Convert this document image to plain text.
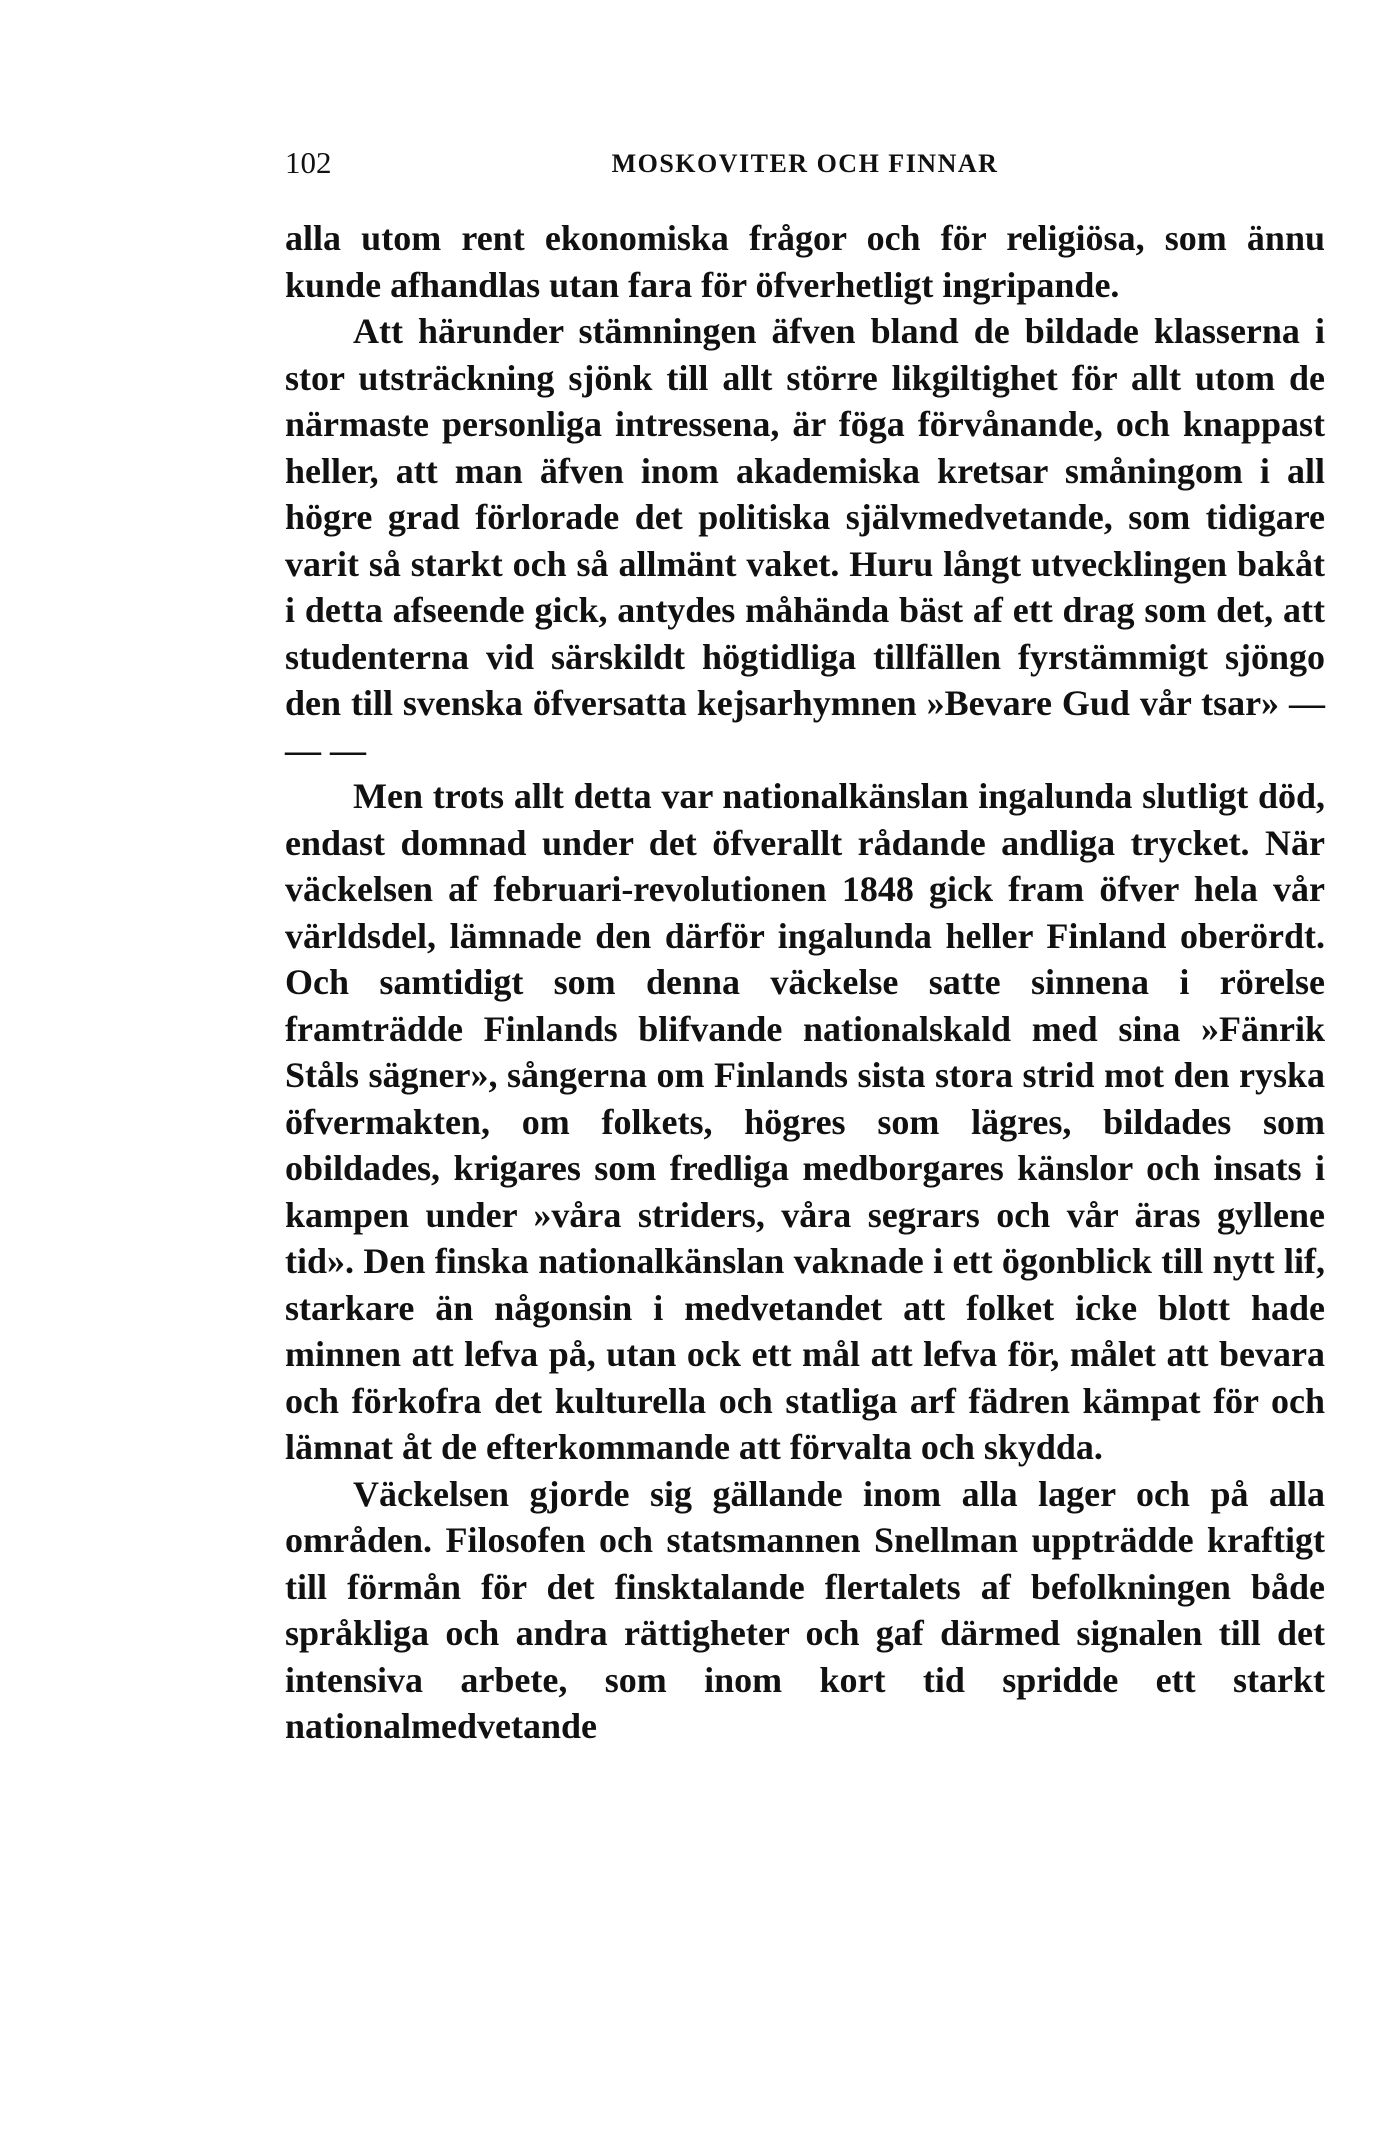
102	MOSKOVITER OCH FINNAR

alla utom rent ekonomiska frågor och för religiösa, som ännu kunde afhandlas utan fara för öfverhetligt ingripande.

Att härunder stämningen äfven bland de bildade klasserna i stor utsträckning sjönk till allt större likgiltighet för allt utom de närmaste personliga intressena, är föga förvånande, och knappast heller, att man äfven inom akademiska kretsar småningom i all högre grad förlorade det politiska självmedvetande, som tidigare varit så starkt och så allmänt vaket. Huru långt utvecklingen bakåt i detta afseende gick, antydes måhända bäst af ett drag som det, att studenterna vid särskildt högtidliga tillfällen fyrstämmigt sjöngo den till svenska öfversatta kejsarhymnen »Bevare Gud vår tsar» — — —

Men trots allt detta var nationalkänslan ingalunda slutligt död, endast domnad under det öfverallt rådande andliga trycket. När väckelsen af februari-revolutionen 1848 gick fram öfver hela vår världsdel, lämnade den därför ingalunda heller Finland oberördt. Och samtidigt som denna väckelse satte sinnena i rörelse framträdde Finlands blifvande nationalskald med sina »Fänrik Ståls sägner», sångerna om Finlands sista stora strid mot den ryska öfvermakten, om folkets, högres som lägres, bildades som obildades, krigares som fredliga medborgares känslor och insats i kampen under »våra striders, våra segrars och vår äras gyllene tid». Den finska nationalkänslan vaknade i ett ögonblick till nytt lif, starkare än någonsin i medvetandet att folket icke blott hade minnen att lefva på, utan ock ett mål att lefva för, målet att bevara och förkofra det kulturella och statliga arf fädren kämpat för och lämnat åt de efterkommande att förvalta och skydda.

Väckelsen gjorde sig gällande inom alla lager och på alla områden. Filosofen och statsmannen Snellman uppträdde kraftigt till förmån för det finsktalande flertalets af befolkningen både språkliga och andra rättigheter och gaf därmed signalen till det intensiva arbete, som inom kort tid spridde ett starkt nationalmedvetande
